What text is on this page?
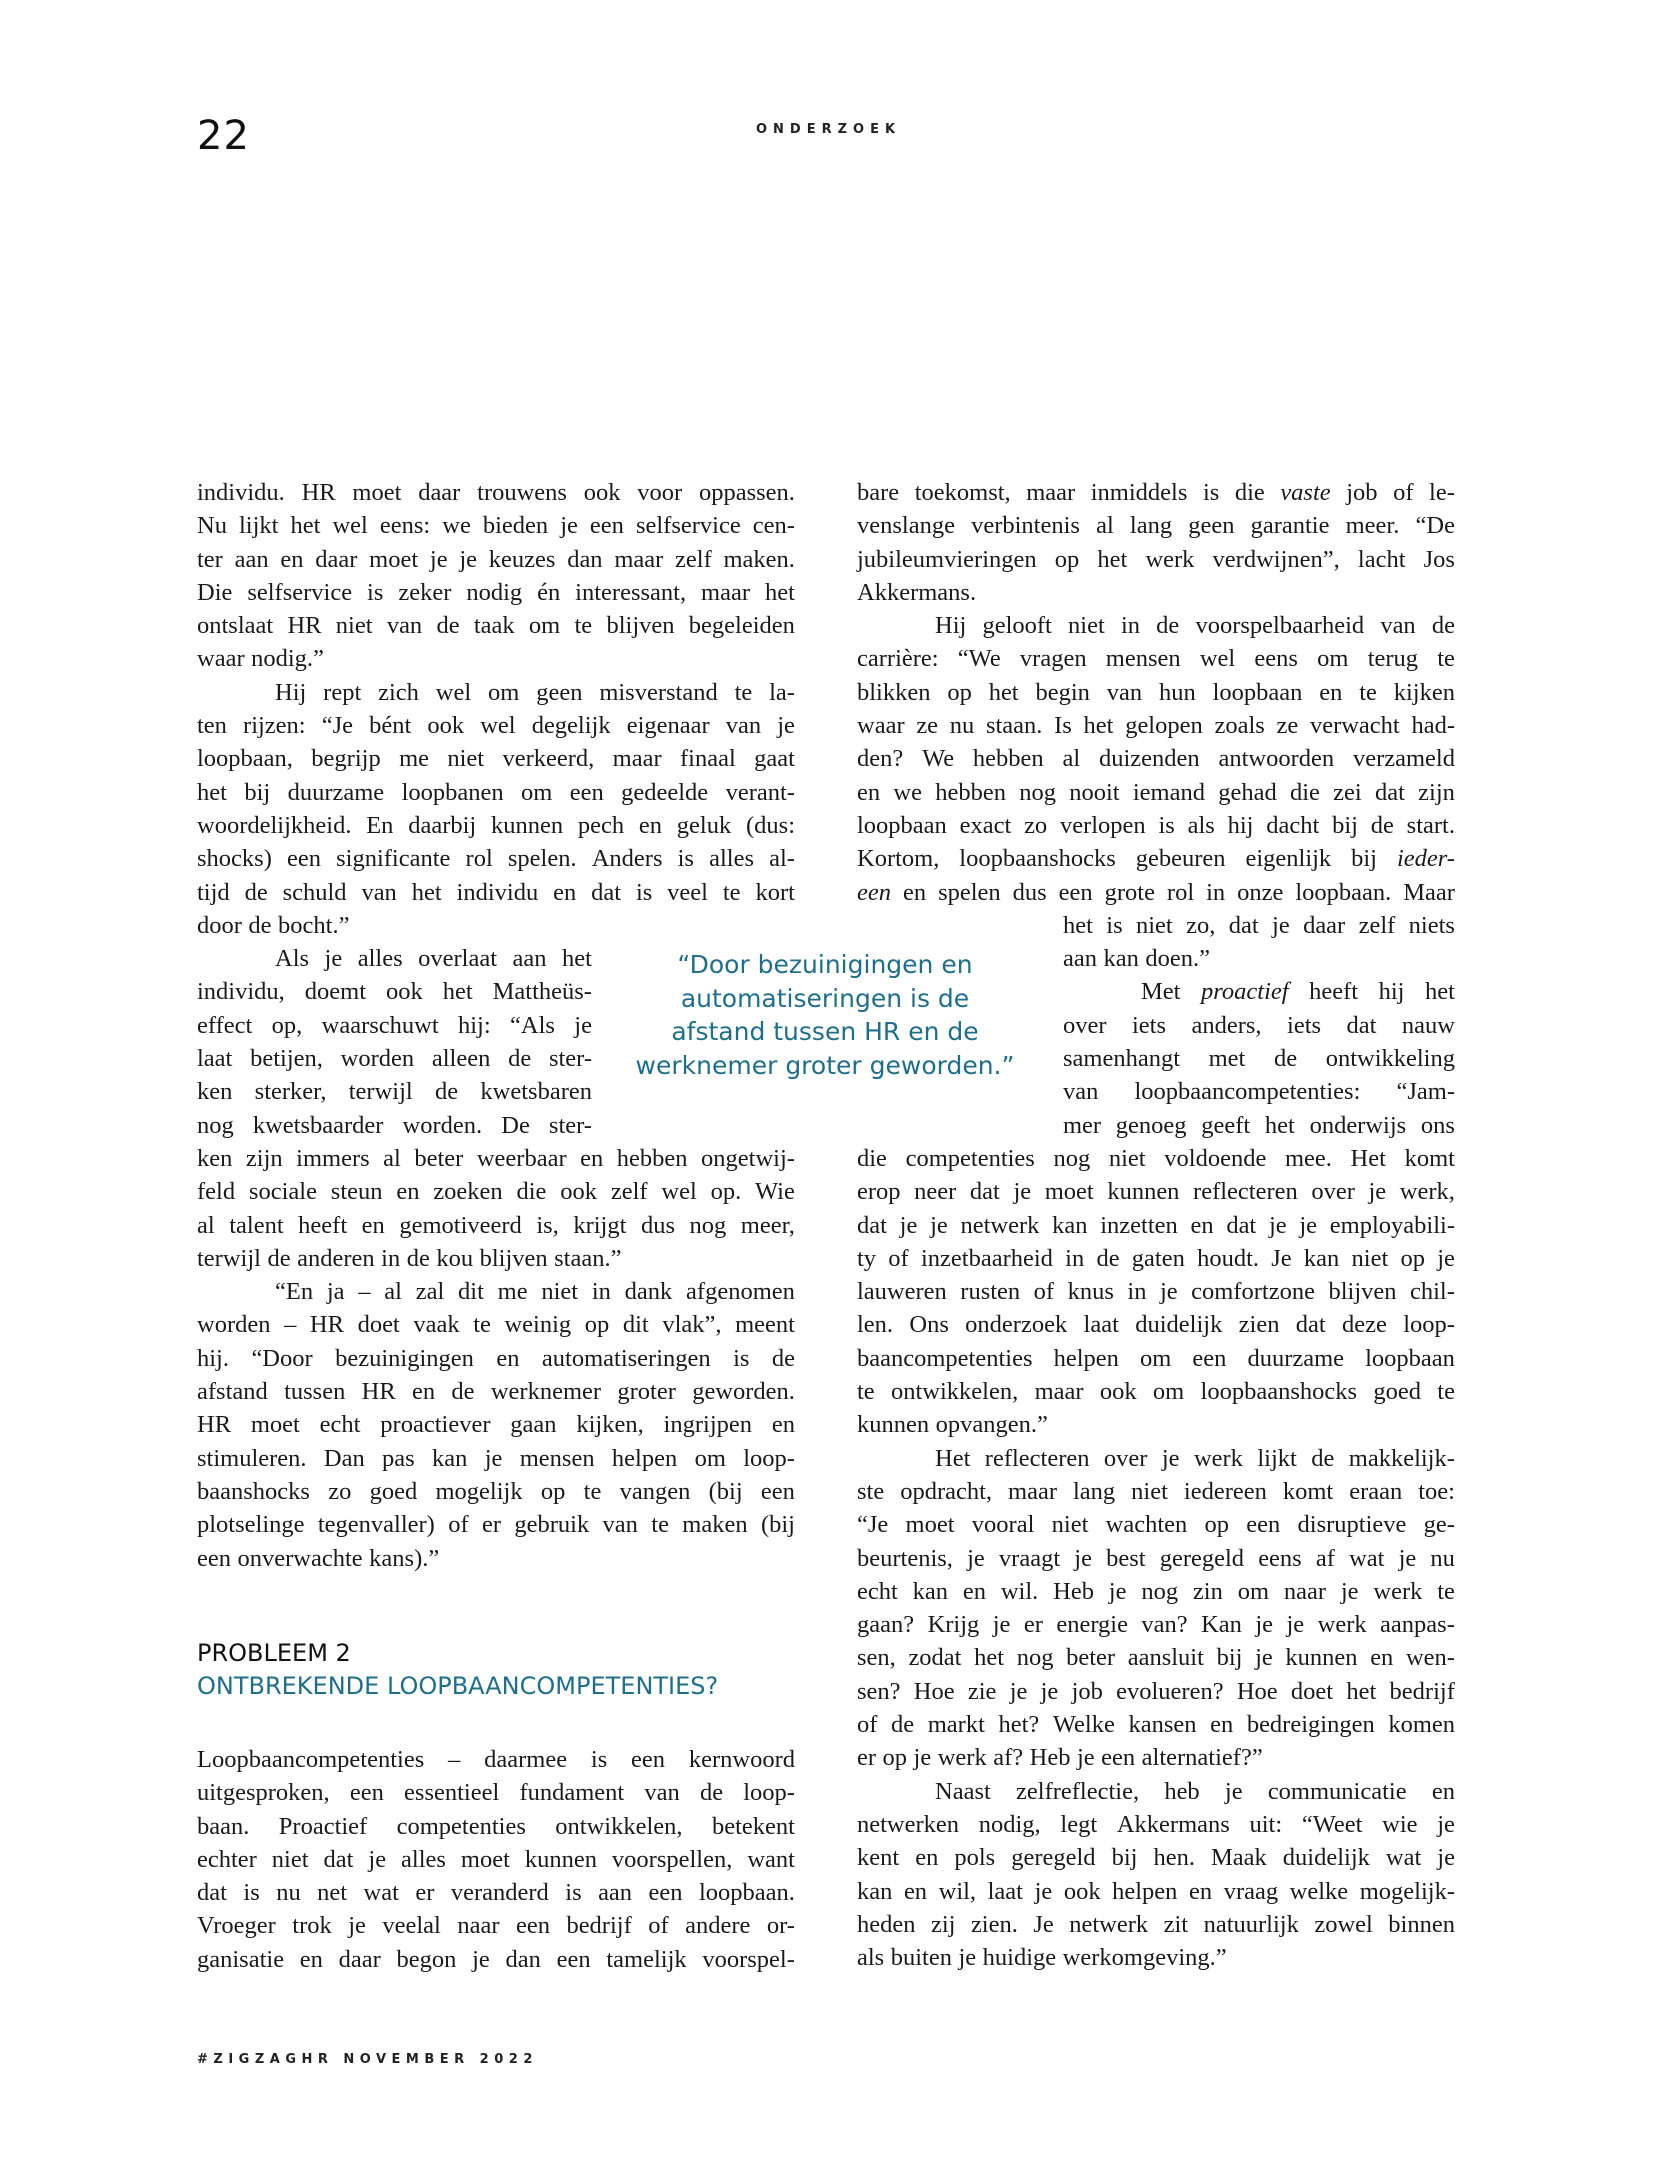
22	ONDERZOEK
individu. HR moet daar trouwens ook voor oppassen.
Nu lijkt het wel eens: we bieden je een selfservice cen-
ter aan en daar moet je je keuzes dan maar zelf maken.
Die selfservice is zeker nodig én interessant, maar het
ontslaat HR niet van de taak om te blijven begeleiden
waar nodig.”
Hij rept zich wel om geen misverstand te la-
ten rijzen: “Je bént ook wel degelijk eigenaar van je
loopbaan, begrijp me niet verkeerd, maar finaal gaat
het bij duurzame loopbanen om een gedeelde verant-
woordelijkheid. En daarbij kunnen pech en geluk (dus:
shocks) een significante rol spelen. Anders is alles al-
tijd de schuld van het individu en dat is veel te kort
door de bocht.”
Als je alles overlaat aan het
individu, doemt ook het Mattheüs-
effect op, waarschuwt hij: “Als je
laat betijen, worden alleen de ster-
ken sterker, terwijl de kwetsbaren
nog kwetsbaarder worden. De ster-
ken zijn immers al beter weerbaar en hebben ongetwij-
feld sociale steun en zoeken die ook zelf wel op. Wie
al talent heeft en gemotiveerd is, krijgt dus nog meer,
terwijl de anderen in de kou blijven staan.”
“En ja – al zal dit me niet in dank afgenomen
worden – HR doet vaak te weinig op dit vlak”, meent
hij. “Door bezuinigingen en automatiseringen is de
afstand tussen HR en de werknemer groter geworden.
HR moet echt proactiever gaan kijken, ingrijpen en
stimuleren. Dan pas kan je mensen helpen om loop-
baanshocks zo goed mogelijk op te vangen (bij een
plotselinge tegenvaller) of er gebruik van te maken (bij
een onverwachte kans).”
Loopbaancompetenties – daarmee is een kernwoord
uitgesproken, een essentieel fundament van de loop-
baan. Proactief competenties ontwikkelen, betekent
echter niet dat je alles moet kunnen voorspellen, want
dat is nu net wat er veranderd is aan een loopbaan.
Vroeger trok je veelal naar een bedrijf of andere or-
ganisatie en daar begon je dan een tamelijk voorspel-
bare toekomst, maar inmiddels is die vaste job of le-
venslange verbintenis al lang geen garantie meer. “De
jubileumvieringen op het werk verdwijnen”, lacht Jos
Akkermans.
Hij gelooft niet in de voorspelbaarheid van de
carrière: “We vragen mensen wel eens om terug te
blikken op het begin van hun loopbaan en te kijken
waar ze nu staan. Is het gelopen zoals ze verwacht had-
den? We hebben al duizenden antwoorden verzameld
en we hebben nog nooit iemand gehad die zei dat zijn
loopbaan exact zo verlopen is als hij dacht bij de start.
Kortom, loopbaanshocks gebeuren eigenlijk bij ieder-
een en spelen dus een grote rol in onze loopbaan. Maar
het is niet zo, dat je daar zelf niets
aan kan doen.”
Met proactief heeft hij het
over iets anders, iets dat nauw
samenhangt met de ontwikkeling
van loopbaancompetenties: “Jam-
mer genoeg geeft het onderwijs ons
die competenties nog niet voldoende mee. Het komt
erop neer dat je moet kunnen reflecteren over je werk,
dat je je netwerk kan inzetten en dat je je employabili-
ty of inzetbaarheid in de gaten houdt. Je kan niet op je
lauweren rusten of knus in je comfortzone blijven chil-
len. Ons onderzoek laat duidelijk zien dat deze loop-
baancompetenties helpen om een duurzame loopbaan
te ontwikkelen, maar ook om loopbaanshocks goed te
kunnen opvangen.”
Het reflecteren over je werk lijkt de makkelijk-
ste opdracht, maar lang niet iedereen komt eraan toe:
“Je moet vooral niet wachten op een disruptieve ge-
beurtenis, je vraagt je best geregeld eens af wat je nu
echt kan en wil. Heb je nog zin om naar je werk te
gaan? Krijg je er energie van? Kan je je werk aanpas-
sen, zodat het nog beter aansluit bij je kunnen en wen-
sen? Hoe zie je je job evolueren? Hoe doet het bedrijf
of de markt het? Welke kansen en bedreigingen komen
er op je werk af? Heb je een alternatief?”
Naast zelfreflectie, heb je communicatie en
netwerken nodig, legt Akkermans uit: “Weet wie je
kent en pols geregeld bij hen. Maak duidelijk wat je
kan en wil, laat je ook helpen en vraag welke mogelijk-
heden zij zien. Je netwerk zit natuurlijk zowel binnen
als buiten je huidige werkomgeving.”
“Door bezuinigingen en
automatiseringen is de
afstand tussen HR en de
werknemer groter geworden.”
PROBLEEM 2
ONTBREKENDE LOOPBAANCOMPETENTIES?
#ZIGZAGHR NOVEMBER 2022
